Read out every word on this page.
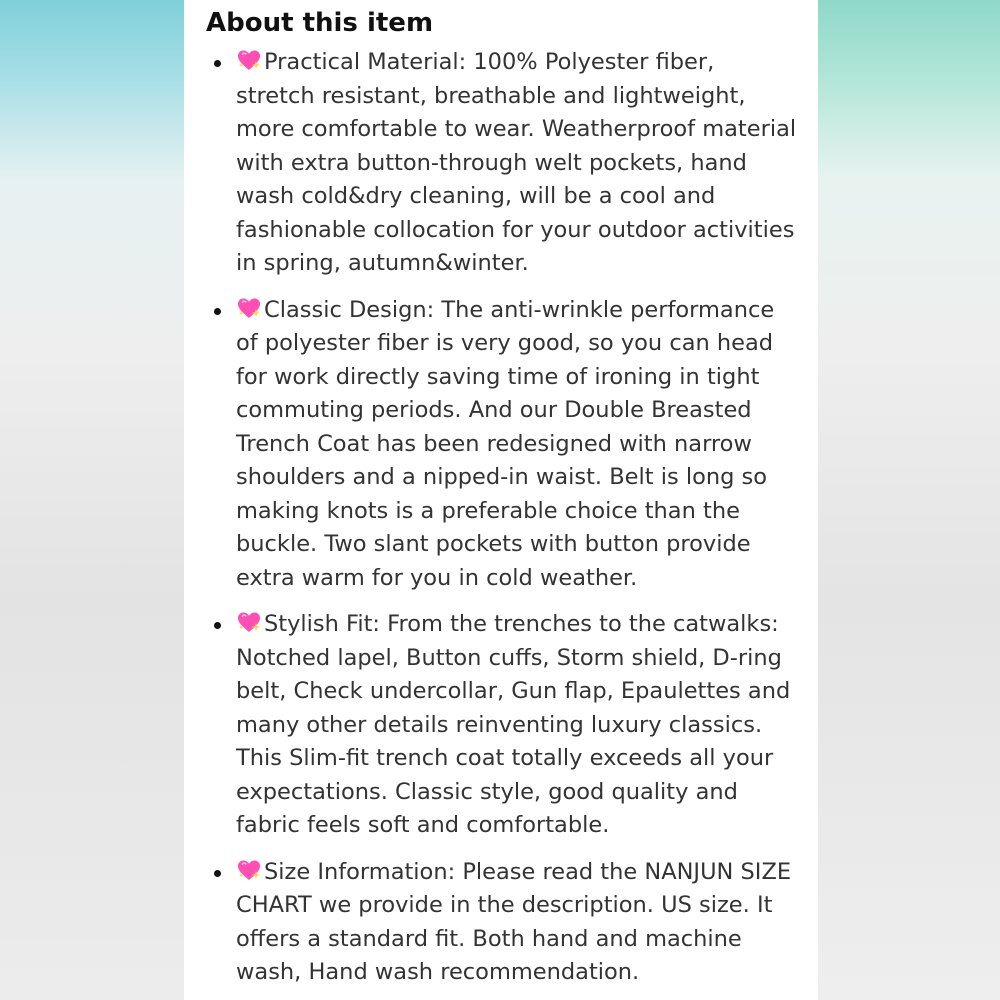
About this item
Practical Material: 100% Polyester fiber, stretch resistant, breathable and lightweight, more comfortable to wear. Weatherproof material with extra button-through welt pockets, hand wash cold&dry cleaning, will be a cool and fashionable collocation for your outdoor activities in spring, autumn&winter.
Classic Design: The anti-wrinkle performance of polyester fiber is very good, so you can head for work directly saving time of ironing in tight commuting periods. And our Double Breasted Trench Coat has been redesigned with narrow shoulders and a nipped-in waist. Belt is long so making knots is a preferable choice than the buckle. Two slant pockets with button provide extra warm for you in cold weather.
Stylish Fit: From the trenches to the catwalks: Notched lapel, Button cuffs, Storm shield, D-ring belt, Check undercollar, Gun flap, Epaulettes and many other details reinventing luxury classics. This Slim-fit trench coat totally exceeds all your expectations. Classic style, good quality and fabric feels soft and comfortable.
Size Information: Please read the NANJUN SIZE CHART we provide in the description. US size. It offers a standard fit. Both hand and machine wash, Hand wash recommendation.
